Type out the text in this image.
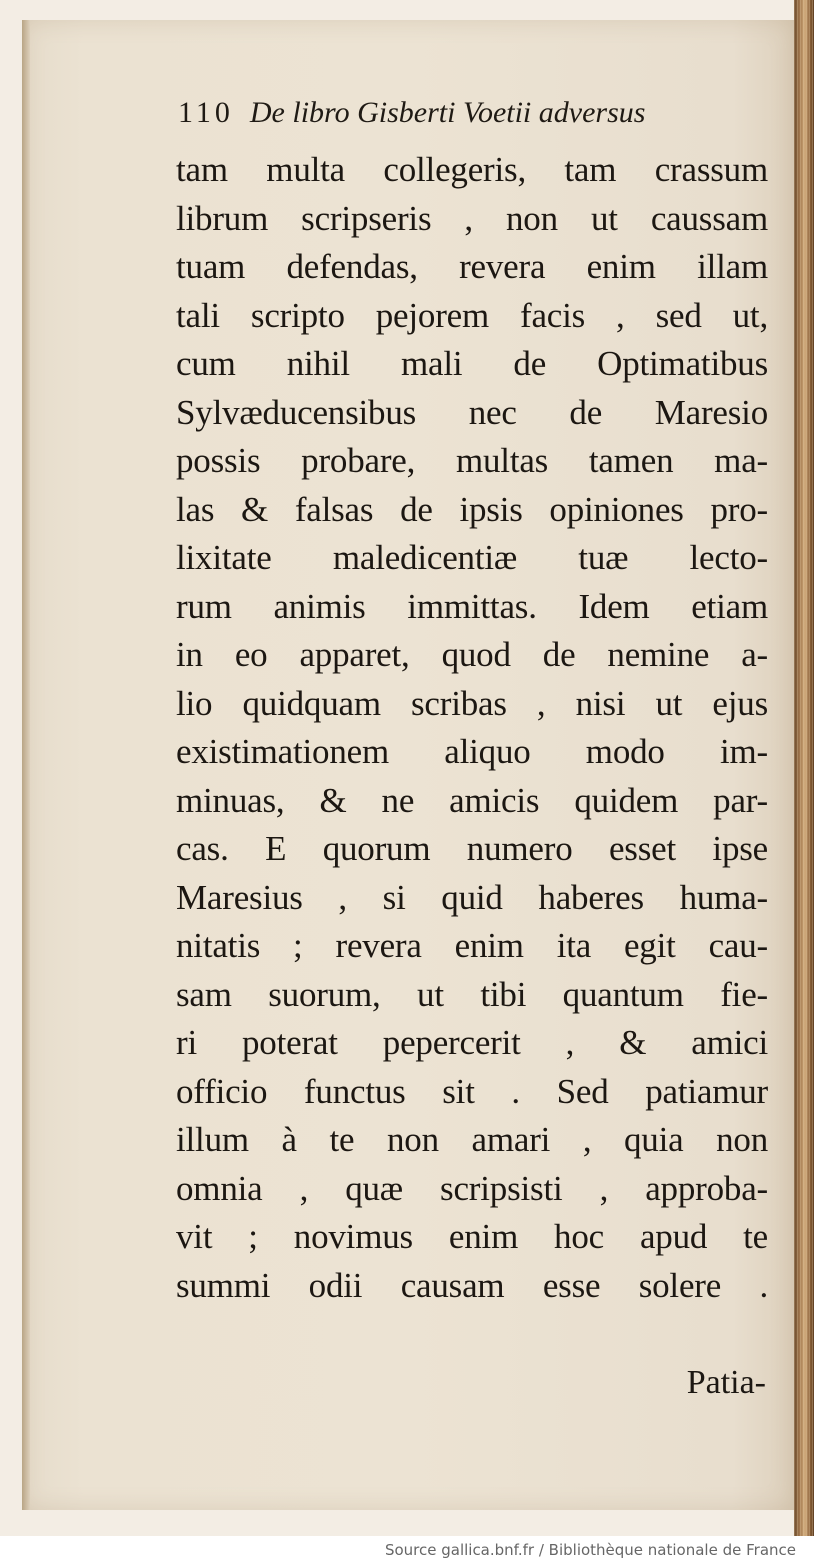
110 De libro Gisberti Voetii adversus
tam multa collegeris, tam crassum
librum scripseris , non ut caussam
tuam defendas, revera enim illam
tali scripto pejorem facis , sed ut,
cum nihil mali de Optimatibus
Sylvæducensibus nec de Maresio
possis probare, multas tamen ma-
las & falsas de ipsis opiniones pro-
lixitate maledicentiæ tuæ lecto-
rum animis immittas. Idem etiam
in eo apparet, quod de nemine a-
lio quidquam scribas , nisi ut ejus
existimationem aliquo modo im-
minuas, & ne amicis quidem par-
cas. E quorum numero esset ipse
Maresius , si quid haberes huma-
nitatis ; revera enim ita egit cau-
sam suorum, ut tibi quantum fie-
ri poterat pepercerit , & amici
officio functus sit . Sed patiamur
illum à te non amari , quia non
omnia , quæ scripsisti , approba-
vit ; novimus enim hoc apud te
summi odii causam esse solere .
Patia-
Source gallica.bnf.fr / Bibliothèque nationale de France
